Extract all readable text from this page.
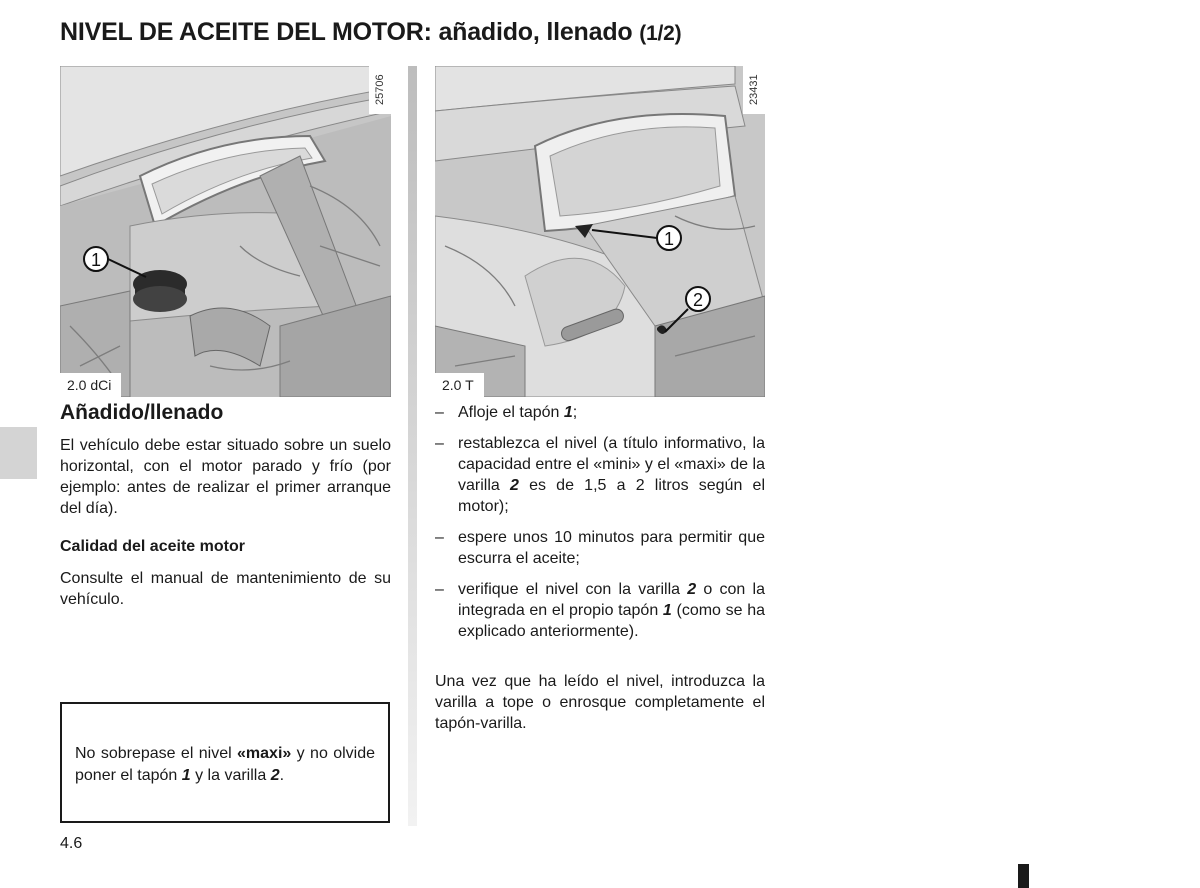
NIVEL DE ACEITE DEL MOTOR: añadido, llenado (1/2)
1
25706
2.0 dCi
1
2
23431
2.0 T
Añadido/llenado

El vehículo debe estar situado sobre un suelo horizontal, con el motor parado y frío (por ejemplo: antes de realizar el primer arranque del día).

Calidad del aceite motor

Consulte el manual de mantenimiento de su vehículo.

No sobrepase el nivel «maxi» y no olvide poner el tapón 1 y la varilla 2.

– Afloje el tapón 1;
– restablezca el nivel (a título informativo, la capacidad entre el «mini» y el «maxi» de la varilla 2 es de 1,5 a 2 litros según el motor);
– espere unos 10 minutos para permitir que escurra el aceite;
– verifique el nivel con la varilla 2 o con la integrada en el propio tapón 1 (como se ha explicado anteriormente).

Una vez que ha leído el nivel, introduzca la varilla a tope o enrosque completamente el tapón-varilla.

4.6
